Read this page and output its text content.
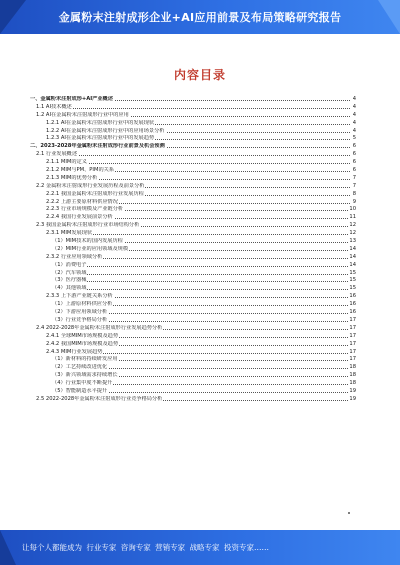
金属粉末注射成形企业+AI应用前景及布局策略研究报告
内容目录
一、金属粉末注射成形+AI产业概述	4
1.1 AI技术概述	4
1.2 AI在金属粉末注射成形行业中的应用	4
1.2.1 AI在金属粉末注射成形行业中的发展现状	4
1.2.2 AI在金属粉末注射成形行业中的应用场景分析	4
1.2.3 AI在金属粉末注射成形行业中的发展趋势	5
二、2023-2028年金属粉末注射成形行业前景及机会预测	6
2.1 行业发展概述	6
2.1.1 MIM的定义	6
2.1.2 MIM与PM、PIM的关系	6
2.1.3 MIM的优势分析	7
2.2 金属粉末注射成形行业发展历程及前景分析	7
2.2.1 我国金属粉末注射成形行业发展历程	8
2.2.2 上游主要原材料供应情况	9
2.2.3 行业市场规模及产业链分析	10
2.2.4 我国行业发展前景分析	11
2.3 我国金属粉末注射成形行业市场结构分析	12
2.3.1 MIM发展现状	12
（1）MIM技术的国内发展历程	13
（2）MIM行业的应用领域及规模	14
2.3.2 行业应用领域分析	14
（1）消费电子	14
（2）汽车领域	15
（3）医疗器械	15
（4）其他领域	15
2.3.3 上下游产业链关系分析	16
（1）上游原材料供应分析	16
（2）下游应用领域分析	16
（3）行业竞争格局分析	17
2.4 2022-2028年金属粉末注射成形行业发展趋势分析	17
2.4.1 全球MIM市场规模及趋势	17
2.4.2 我国MIM市场规模及趋势	17
2.4.3 MIM行业发展趋势	17
（1）新材料的持续研发应用	17
（2）工艺持续改进优化	18
（3）新兴领域需求持续增长	18
（4）行业集中度不断提升	18
（5）智能制造水平提升	19
2.5 2022-2028年金属粉末注射成形行业竞争格局分析	19
让每个人都能成为 行业专家 咨询专家 营销专家 战略专家 投资专家……
